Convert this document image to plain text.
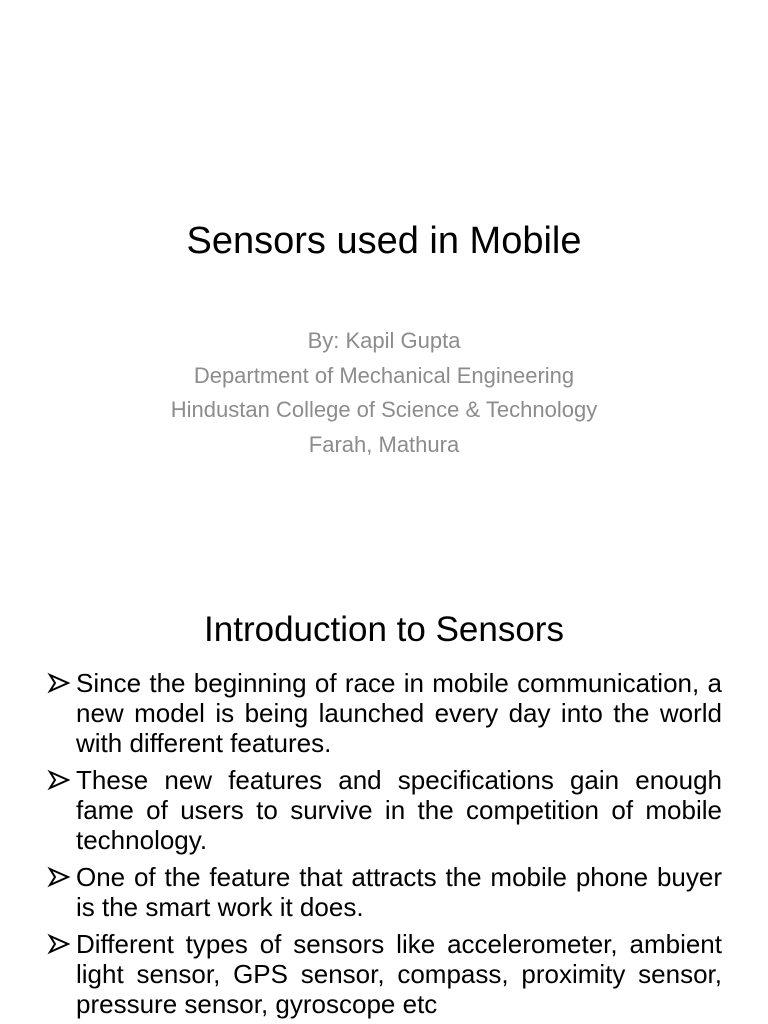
Sensors used in Mobile
By: Kapil Gupta
Department of Mechanical Engineering
Hindustan College of Science & Technology
Farah, Mathura
Introduction to Sensors
Since the beginning of race in mobile communication, a new model is being launched every day into the world with different features.
These new features and specifications gain enough fame of users to survive in the competition of mobile technology.
One of the feature that attracts the mobile phone buyer is the smart work it does.
Different types of sensors like accelerometer, ambient light sensor, GPS sensor, compass, proximity sensor, pressure sensor, gyroscope etc
